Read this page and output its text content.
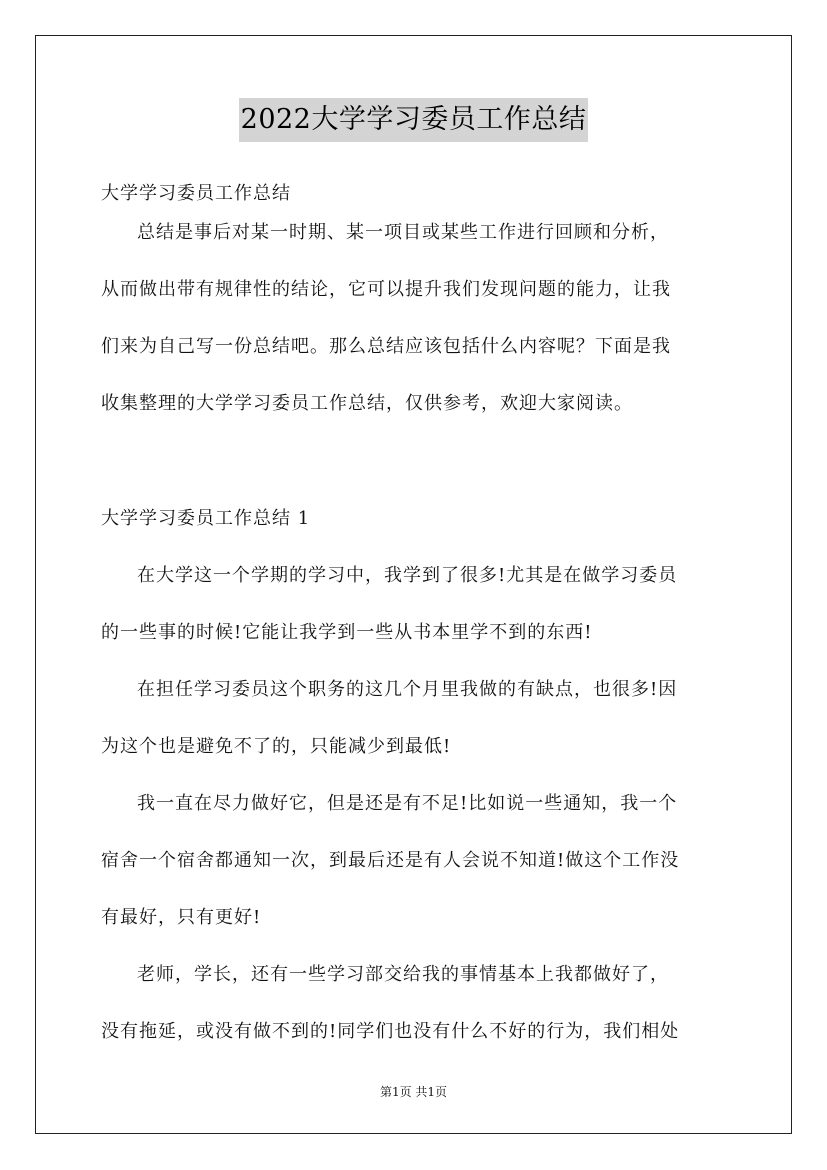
2022大学学习委员工作总结
大学学习委员工作总结

总结是事后对某一时期、某一项目或某些工作进行回顾和分析，
从而做出带有规律性的结论，它可以提升我们发现问题的能力，让我
们来为自己写一份总结吧。那么总结应该包括什么内容呢？下面是我
收集整理的大学学习委员工作总结，仅供参考，欢迎大家阅读。

大学学习委员工作总结 1

在大学这一个学期的学习中，我学到了很多!尤其是在做学习委员
的一些事的时候!它能让我学到一些从书本里学不到的东西!

在担任学习委员这个职务的这几个月里我做的有缺点，也很多!因
为这个也是避免不了的，只能减少到最低!

我一直在尽力做好它，但是还是有不足!比如说一些通知，我一个
宿舍一个宿舍都通知一次，到最后还是有人会说不知道!做这个工作没
有最好，只有更好!

老师，学长，还有一些学习部交给我的事情基本上我都做好了，
没有拖延，或没有做不到的!同学们也没有什么不好的行为，我们相处

第1页 共1页
